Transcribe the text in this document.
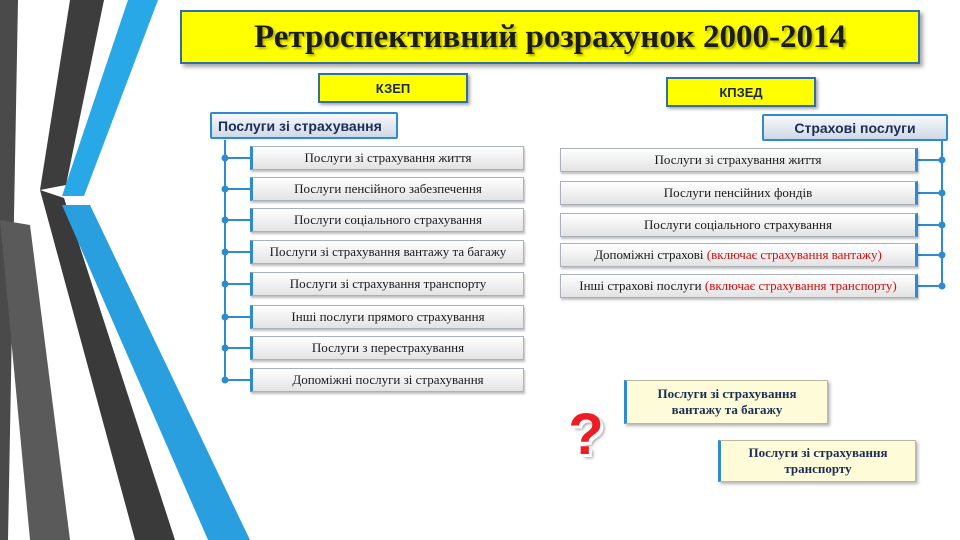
Ретроспективний розрахунок 2000-2014
КЗЕП	КПЗЕД
Послуги зі страхування	Страхові послуги
Послуги зі страхування життя
Послуги пенсійного забезпечення
Послуги соціального страхування
Послуги зі страхування вантажу та багажу
Послуги зі страхування транспорту
Інші послуги прямого страхування
Послуги з перестрахування
Допоміжні послуги зі страхування
Послуги зі страхування життя
Послуги пенсійних фондів
Послуги соціального страхування
Допоміжні страхові (включає страхування вантажу)
Інші страхові послуги (включає страхування транспорту)
Послуги зі страхування
вантажу та багажу
Послуги зі страхування
транспорту
?
